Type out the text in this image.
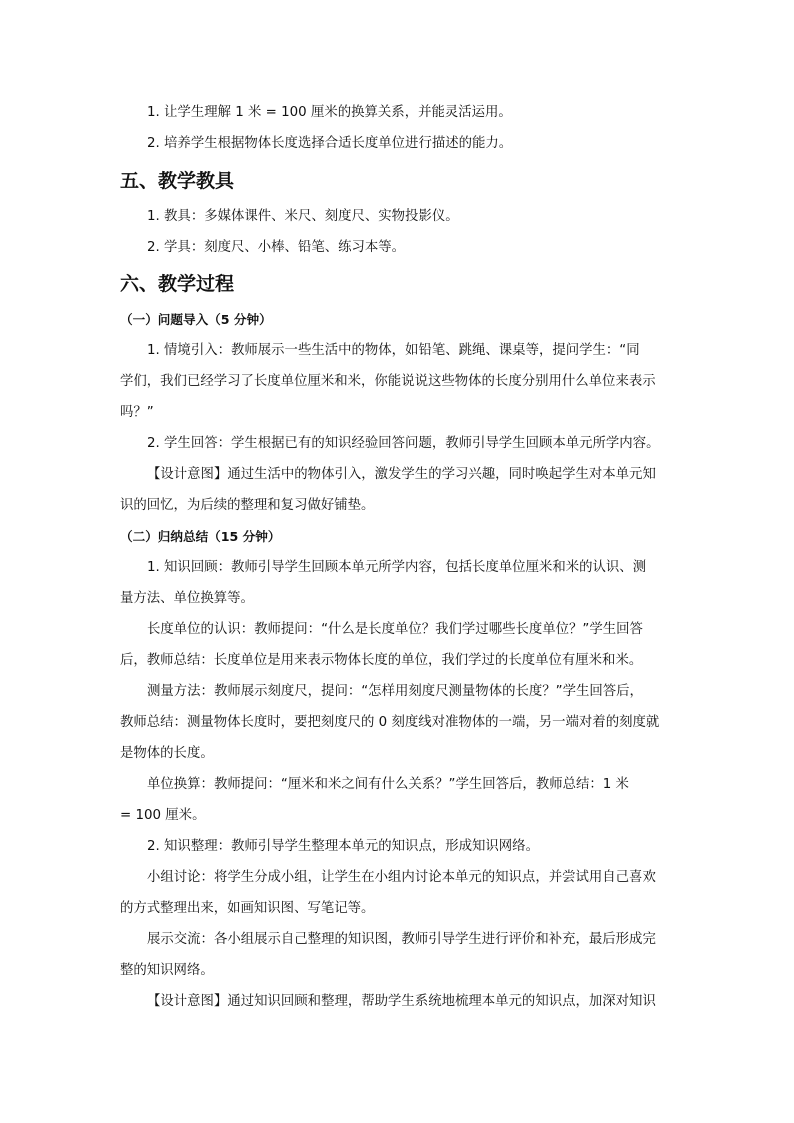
1. 让学生理解 1 米 = 100 厘米的换算关系，并能灵活运用。
2. 培养学生根据物体长度选择合适长度单位进行描述的能力。
五、教学教具
1. 教具：多媒体课件、米尺、刻度尺、实物投影仪。
2. 学具：刻度尺、小棒、铅笔、练习本等。
六、教学过程
（一）问题导入（5 分钟）
1. 情境引入：教师展示一些生活中的物体，如铅笔、跳绳、课桌等，提问学生：“同
学们，我们已经学习了长度单位厘米和米，你能说说这些物体的长度分别用什么单位来表示
吗？”
2. 学生回答：学生根据已有的知识经验回答问题，教师引导学生回顾本单元所学内容。
【设计意图】通过生活中的物体引入，激发学生的学习兴趣，同时唤起学生对本单元知
识的回忆，为后续的整理和复习做好铺垫。
（二）归纳总结（15 分钟）
1. 知识回顾：教师引导学生回顾本单元所学内容，包括长度单位厘米和米的认识、测
量方法、单位换算等。
长度单位的认识：教师提问：“什么是长度单位？我们学过哪些长度单位？”学生回答
后，教师总结：长度单位是用来表示物体长度的单位，我们学过的长度单位有厘米和米。
测量方法：教师展示刻度尺，提问：“怎样用刻度尺测量物体的长度？”学生回答后，
教师总结：测量物体长度时，要把刻度尺的 0 刻度线对准物体的一端，另一端对着的刻度就
是物体的长度。
单位换算：教师提问：“厘米和米之间有什么关系？”学生回答后，教师总结：1 米
= 100 厘米。
2. 知识整理：教师引导学生整理本单元的知识点，形成知识网络。
小组讨论：将学生分成小组，让学生在小组内讨论本单元的知识点，并尝试用自己喜欢
的方式整理出来，如画知识图、写笔记等。
展示交流：各小组展示自己整理的知识图，教师引导学生进行评价和补充，最后形成完
整的知识网络。
【设计意图】通过知识回顾和整理，帮助学生系统地梳理本单元的知识点，加深对知识
